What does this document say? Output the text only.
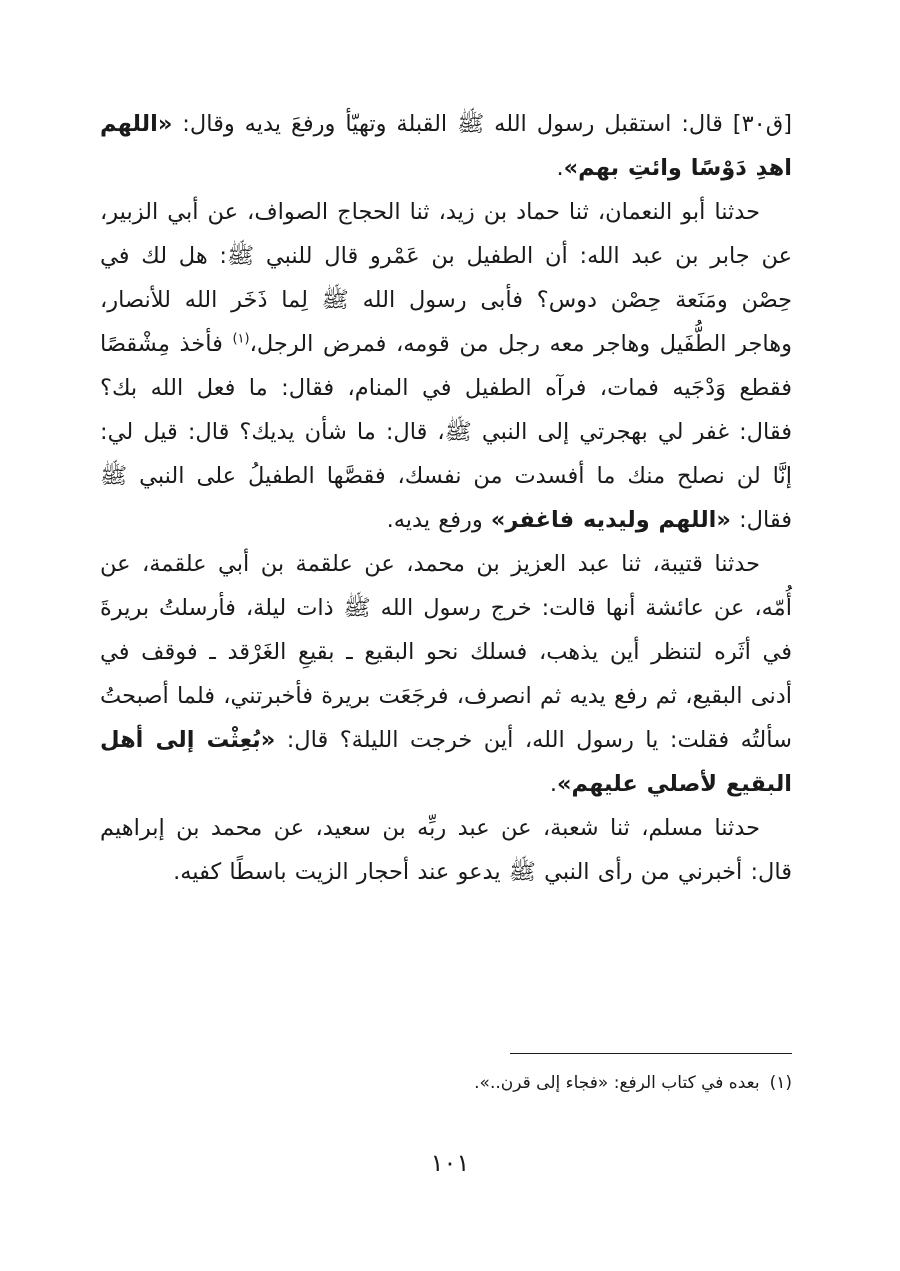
[ق٣٠] قال: استقبل رسول الله ﷺ القبلة وتهيّأ ورفعَ يديه وقال: «اللهم اهدِ دَوْسًا وائتِ بهم».

حدثنا أبو النعمان، ثنا حماد بن زيد، ثنا الحجاج الصواف، عن أبي الزبير، عن جابر بن عبد الله: أن الطفيل بن عَمْرو قال للنبي ﷺ: هل لك في حِصْن ومَنَعة حِصْن دوس؟ فأبى رسول الله ﷺ لِما ذَخَر الله للأنصار، وهاجر الطُّفَيل وهاجر معه رجل من قومه، فمرض الرجل،$^{(١)}$ فأخذ مِشْقصًا فقطع وَدْجَيه فمات، فرآه الطفيل في المنام، فقال: ما فعل الله بك؟ فقال: غفر لي بهجرتي إلى النبي ﷺ، قال: ما شأن يديك؟ قال: قيل لي: إنَّا لن نصلح منك ما أفسدت من نفسك، فقصَّها الطفيلُ على النبي ﷺ فقال: «اللهم وليديه فاغفر» ورفع يديه.

حدثنا قتيبة، ثنا عبد العزيز بن محمد، عن علقمة بن أبي علقمة، عن أُمّه، عن عائشة أنها قالت: خرج رسول الله ﷺ ذات ليلة، فأرسلتُ بريرةَ في أثَره لتنظر أين يذهب، فسلك نحو البقيع ـ بقيعِ الغَرْقد ـ فوقف في أدنى البقيع، ثم رفع يديه ثم انصرف، فرجَعَت بريرة فأخبرتني، فلما أصبحتُ سألتُه فقلت: يا رسول الله، أين خرجت الليلة؟ قال: «بُعِثْت إلى أهل البقيع لأصلي عليهم».

حدثنا مسلم، ثنا شعبة، عن عبد ربِّه بن سعيد، عن محمد بن إبراهيم قال: أخبرني من رأى النبي ﷺ يدعو عند أحجار الزيت باسطًا كفيه.

(١)بعده في كتاب الرفع: «فجاء إلى قرن..».
١٠١
